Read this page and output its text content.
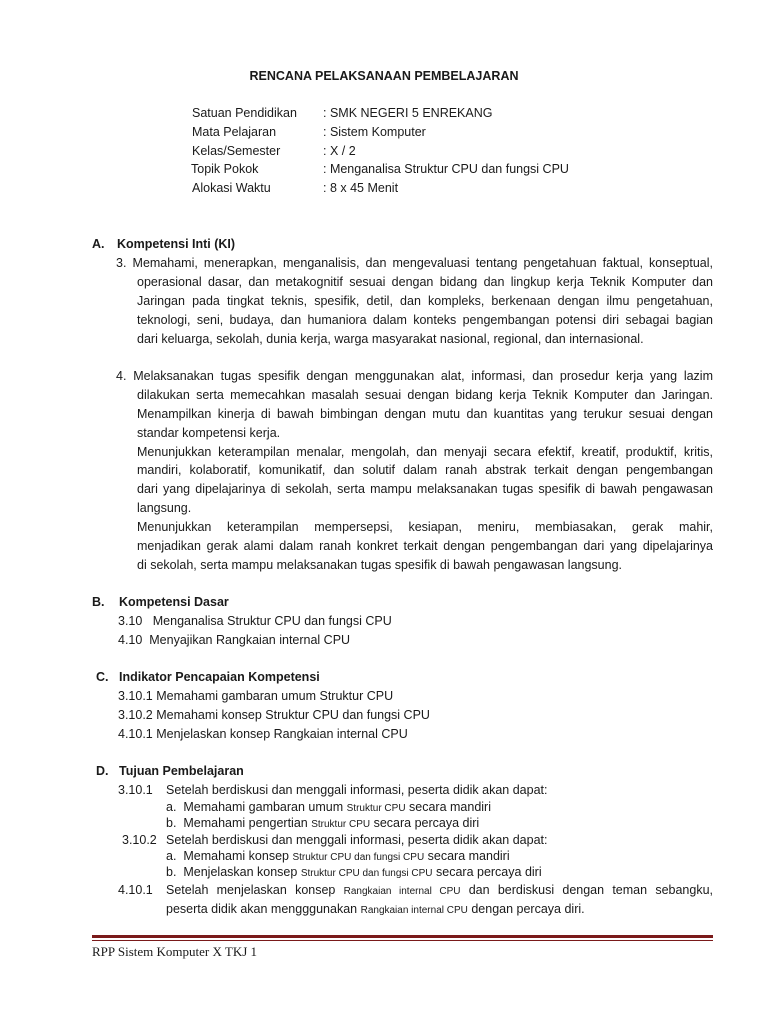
RENCANA PELAKSANAAN PEMBELAJARAN
Satuan Pendidikan : SMK NEGERI 5 ENREKANG
Mata Pelajaran	: Sistem Komputer
Kelas/Semester	: X / 2
Topik Pokok	: Menganalisa Struktur CPU dan fungsi CPU
Alokasi Waktu	: 8 x 45 Menit
A. Kompetensi Inti (KI)
3. Memahami, menerapkan, menganalisis, dan mengevaluasi tentang pengetahuan faktual, konseptual,
operasional dasar, dan metakognitif sesuai dengan bidang dan lingkup kerja Teknik Komputer dan
Jaringan pada tingkat teknis, spesifik, detil, dan kompleks, berkenaan dengan ilmu pengetahuan,
teknologi, seni, budaya, dan humaniora dalam konteks pengembangan potensi diri sebagai bagian
dari keluarga, sekolah, dunia kerja, warga masyarakat nasional, regional, dan internasional.
4. Melaksanakan tugas spesifik dengan menggunakan alat, informasi, dan prosedur kerja yang lazim
dilakukan serta memecahkan masalah sesuai dengan bidang kerja Teknik Komputer dan Jaringan.
Menampilkan kinerja di bawah bimbingan dengan mutu dan kuantitas yang terukur sesuai dengan
standar kompetensi kerja.
Menunjukkan keterampilan menalar, mengolah, dan menyaji secara efektif, kreatif, produktif, kritis,
mandiri, kolaboratif, komunikatif, dan solutif dalam ranah abstrak terkait dengan pengembangan
dari yang dipelajarinya di sekolah, serta mampu melaksanakan tugas spesifik di bawah pengawasan
langsung.
Menunjukkan keterampilan mempersepsi, kesiapan, meniru, membiasakan, gerak mahir,
menjadikan gerak alami dalam ranah konkret terkait dengan pengembangan dari yang dipelajarinya
di sekolah, serta mampu melaksanakan tugas spesifik di bawah pengawasan langsung.
B. Kompetensi Dasar
3.10   Menganalisa Struktur CPU dan fungsi CPU
4.10  Menyajikan Rangkaian internal CPU
C. Indikator Pencapaian Kompetensi
3.10.1 Memahami gambaran umum Struktur CPU
3.10.2 Memahami konsep Struktur CPU dan fungsi CPU
4.10.1 Menjelaskan konsep Rangkaian internal CPU
D. Tujuan Pembelajaran
3.10.1 Setelah berdiskusi dan menggali informasi, peserta didik akan dapat:
a.  Memahami gambaran umum Struktur CPU secara mandiri
b.  Memahami pengertian Struktur CPU secara percaya diri
3.10.2 Setelah berdiskusi dan menggali informasi, peserta didik akan dapat:
a.  Memahami konsep Struktur CPU dan fungsi CPU secara mandiri
b.  Menjelaskan konsep Struktur CPU dan fungsi CPU secara percaya diri
4.10.1 Setelah menjelaskan konsep Rangkaian internal CPU dan berdiskusi dengan teman sebangku,
peserta didik akan mengggunakan Rangkaian internal CPU dengan percaya diri.
RPP Sistem Komputer X TKJ 1
